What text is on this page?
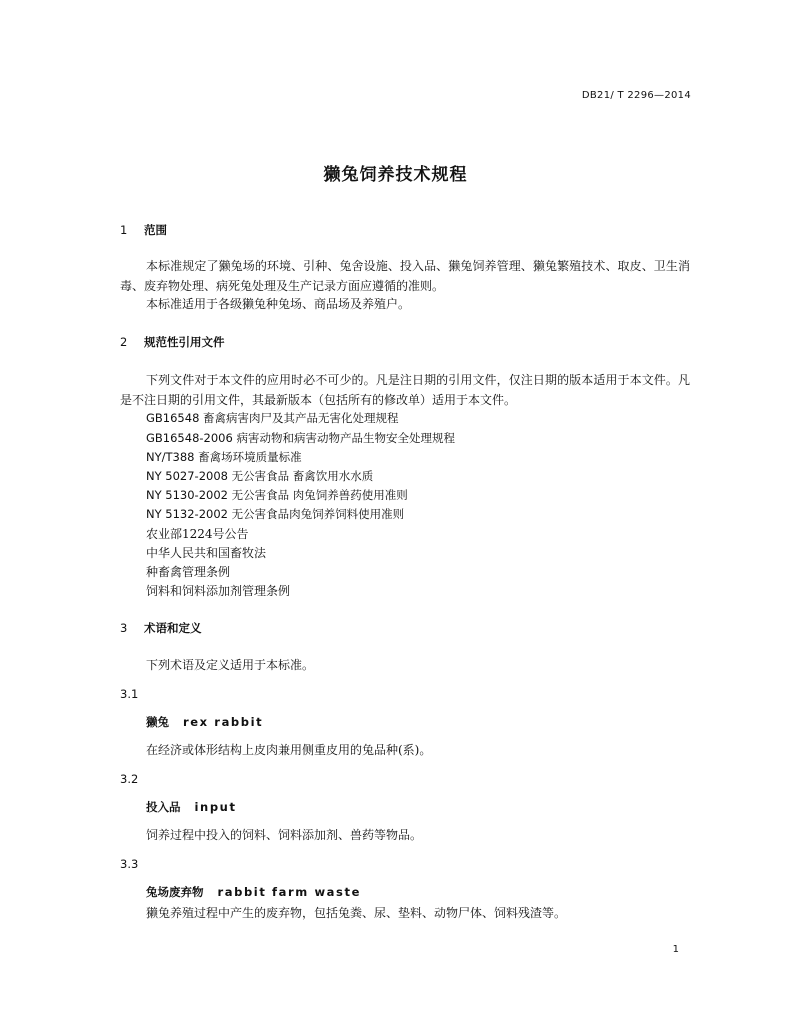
DB21/ T 2296—2014
獭兔饲养技术规程
1 范围
本标准规定了獭兔场的环境、引种、兔舍设施、投入品、獭兔饲养管理、獭兔繁殖技术、取皮、卫生消毒、废弃物处理、病死兔处理及生产记录方面应遵循的准则。
本标准适用于各级獭兔种兔场、商品场及养殖户。
2 规范性引用文件
下列文件对于本文件的应用时必不可少的。凡是注日期的引用文件，仅注日期的版本适用于本文件。凡是不注日期的引用文件，其最新版本（包括所有的修改单）适用于本文件。
GB16548 畜禽病害肉尸及其产品无害化处理规程
GB16548-2006 病害动物和病害动物产品生物安全处理规程
NY/T388 畜禽场环境质量标准
NY 5027-2008 无公害食品 畜禽饮用水水质
NY 5130-2002 无公害食品 肉兔饲养兽药使用准则
NY 5132-2002 无公害食品肉兔饲养饲料使用准则
农业部1224号公告
中华人民共和国畜牧法
种畜禽管理条例
饲料和饲料添加剂管理条例
3 术语和定义
下列术语及定义适用于本标准。
3.1
獭兔 rex rabbit
在经济或体形结构上皮肉兼用侧重皮用的兔品种(系)。
3.2
投入品 input
饲养过程中投入的饲料、饲料添加剂、兽药等物品。
3.3
兔场废弃物 rabbit farm waste
獭兔养殖过程中产生的废弃物，包括兔粪、尿、垫料、动物尸体、饲料残渣等。
1
